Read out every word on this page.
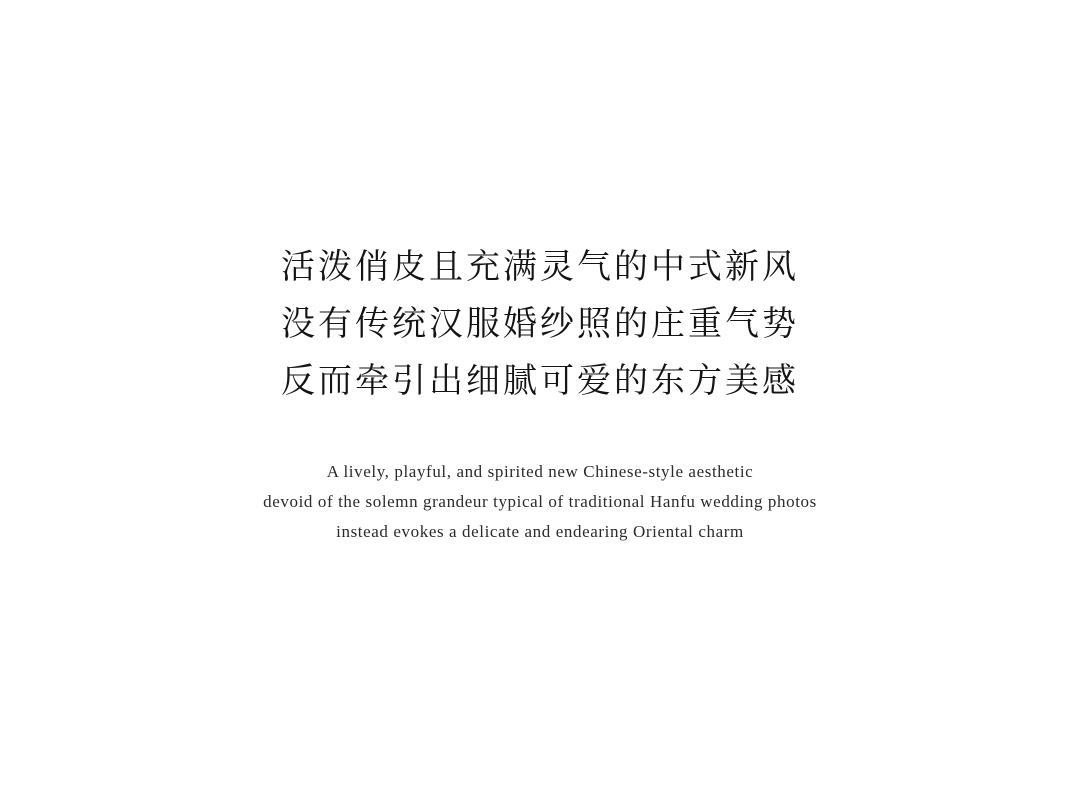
活泼俏皮且充满灵气的中式新风
没有传统汉服婚纱照的庄重气势
反而牵引出细腻可爱的东方美感
A lively, playful, and spirited new Chinese-style aesthetic
devoid of the solemn grandeur typical of traditional Hanfu wedding photos
instead evokes a delicate and endearing Oriental charm
